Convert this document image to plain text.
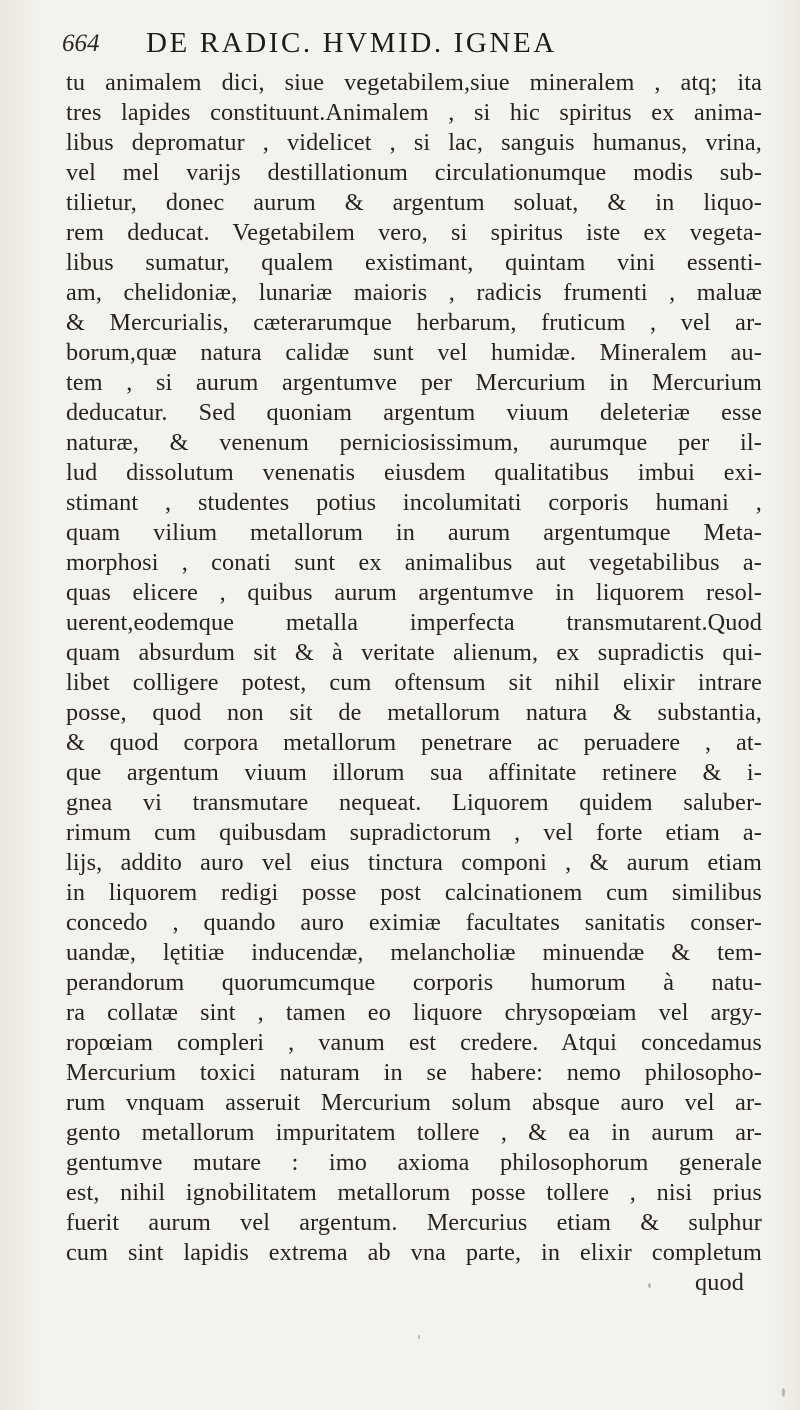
664 DE RADIC. HVMID. IGNEA
tu animalem dici, siue vegetabilem,siue mineralem , atq; ita
tres lapides constituunt.Animalem , si hic spiritus ex anima-
libus depromatur , videlicet , si lac, sanguis humanus, vrina,
vel mel varijs destillationum circulationumque modis sub-
tilietur, donec aurum & argentum soluat, & in liquo-
rem deducat. Vegetabilem vero, si spiritus iste ex vegeta-
libus sumatur, qualem existimant, quintam vini essenti-
am, chelidoniæ, lunariæ maioris , radicis frumenti , maluæ
& Mercurialis, cæterarumque herbarum, fruticum , vel ar-
borum,quæ natura calidæ sunt vel humidæ. Mineralem au-
tem , si aurum argentumve per Mercurium in Mercurium
deducatur. Sed quoniam argentum viuum deleteriæ esse
naturæ, & venenum perniciosissimum, aurumque per il-
lud dissolutum venenatis eiusdem qualitatibus imbui exi-
stimant , studentes potius incolumitati corporis humani ,
quam vilium metallorum in aurum argentumque Meta-
morphosi , conati sunt ex animalibus aut vegetabilibus a-
quas elicere , quibus aurum argentumve in liquorem resol-
uerent,eodemque metalla imperfecta transmutarent.Quod
quam absurdum sit & à veritate alienum, ex supradictis qui-
libet colligere potest, cum oftensum sit nihil elixir intrare
posse, quod non sit de metallorum natura & substantia,
& quod corpora metallorum penetrare ac peruadere , at-
que argentum viuum illorum sua affinitate retinere & i-
gnea vi transmutare nequeat. Liquorem quidem saluber-
rimum cum quibusdam supradictorum , vel forte etiam a-
lijs, addito auro vel eius tinctura componi , & aurum etiam
in liquorem redigi posse post calcinationem cum similibus
concedo , quando auro eximiæ facultates sanitatis conser-
uandæ, lętitiæ inducendæ, melancholiæ minuendæ & tem-
perandorum quorumcumque corporis humorum à natu-
ra collatæ sint , tamen eo liquore chrysopœiam vel argy-
ropœiam compleri , vanum est credere. Atqui concedamus
Mercurium toxici naturam in se habere: nemo philosopho-
rum vnquam asseruit Mercurium solum absque auro vel ar-
gento metallorum impuritatem tollere , & ea in aurum ar-
gentumve mutare : imo axioma philosophorum generale
est, nihil ignobilitatem metallorum posse tollere , nisi prius
fuerit aurum vel argentum. Mercurius etiam & sulphur
cum sint lapidis extrema ab vna parte, in elixir completum
quod
